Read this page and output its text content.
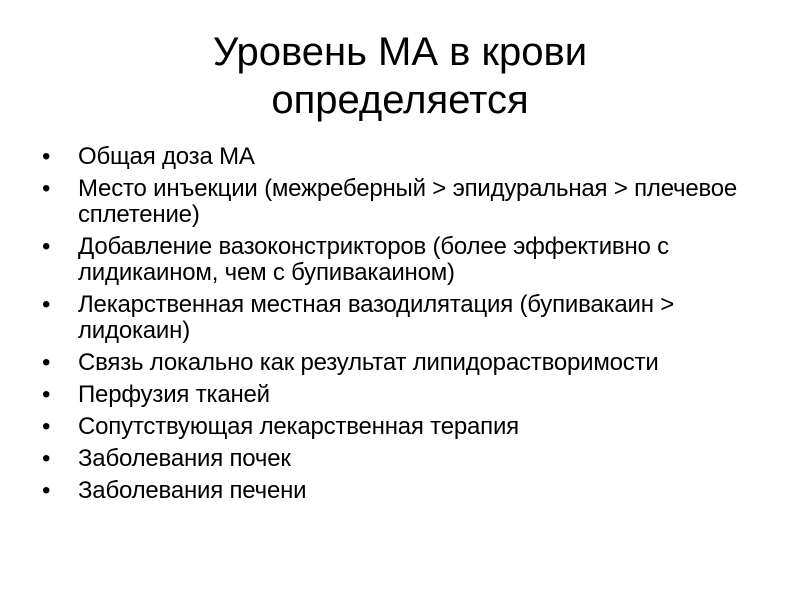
Уровень МА в крови
определяется
•	Общая доза МА
•	Место инъекции (межреберный > эпидуральная > плечевое сплетение)
•	Добавление вазоконстрикторов (более эффективно с лидикаином, чем с бупивакаином)
•	Лекарственная местная вазодилятация (бупивакаин > лидокаин)
•	Связь локально как результат липидорастворимости
•	Перфузия тканей
•	Сопутствующая лекарственная терапия
•	Заболевания почек
•	Заболевания печени
